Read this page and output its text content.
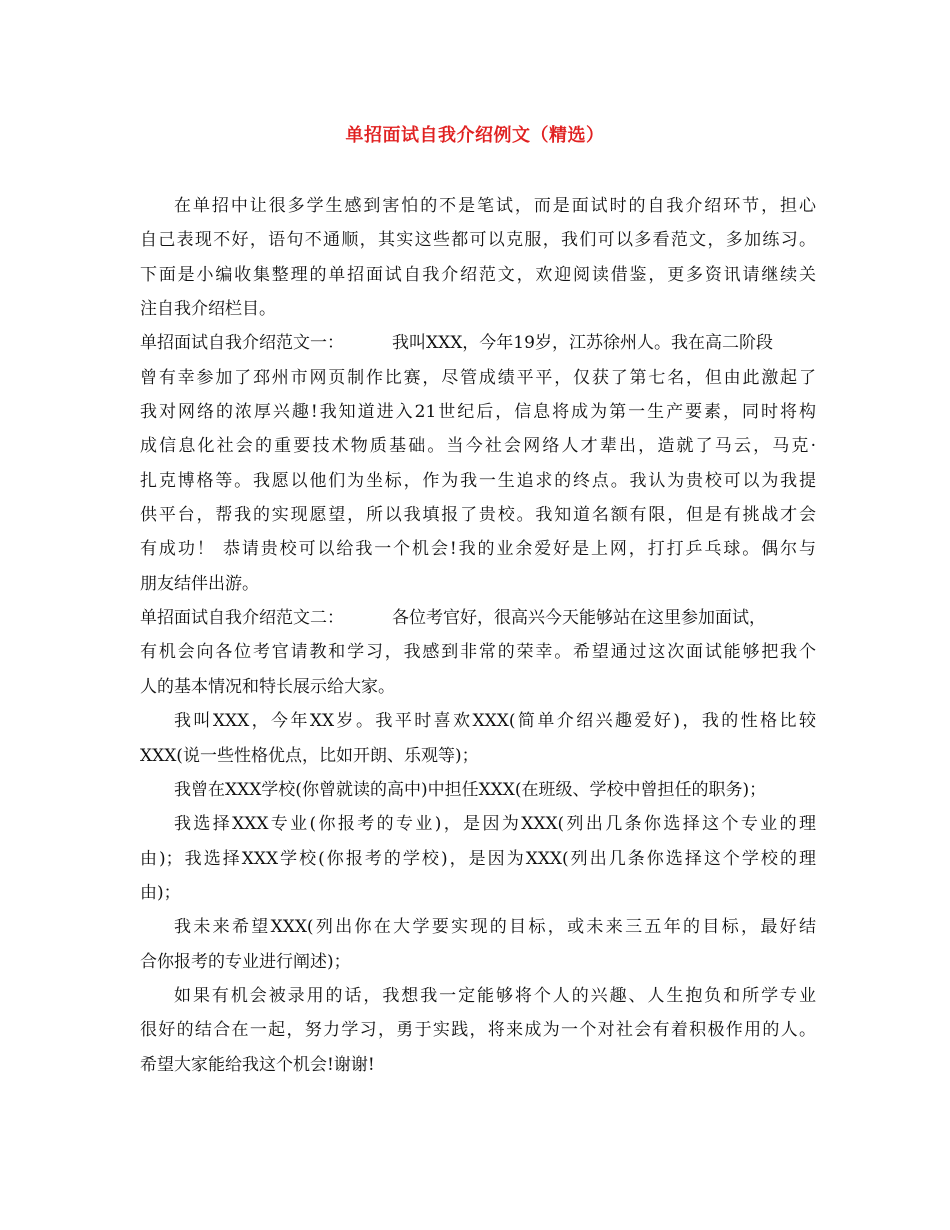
单招面试自我介绍例文（精选）
在单招中让很多学生感到害怕的不是笔试，而是面试时的自我介绍环节，担心
自己表现不好，语句不通顺，其实这些都可以克服，我们可以多看范文，多加练习。
下面是小编收集整理的单招面试自我介绍范文，欢迎阅读借鉴，更多资讯请继续关
注自我介绍栏目。
单招面试自我介绍范文一：	我叫XXX，今年19岁，江苏徐州人。我在高二阶段
曾有幸参加了邳州市网页制作比赛，尽管成绩平平，仅获了第七名，但由此激起了
我对网络的浓厚兴趣!我知道进入21世纪后，信息将成为第一生产要素，同时将构
成信息化社会的重要技术物质基础。当今社会网络人才辈出，造就了马云，马克·
扎克博格等。我愿以他们为坐标，作为我一生追求的终点。我认为贵校可以为我提
供平台，帮我的实现愿望，所以我填报了贵校。我知道名额有限，但是有挑战才会
有成功！ 恭请贵校可以给我一个机会!我的业余爱好是上网，打打乒乓球。偶尔与
朋友结伴出游。
单招面试自我介绍范文二：	各位考官好，很高兴今天能够站在这里参加面试，
有机会向各位考官请教和学习，我感到非常的荣幸。希望通过这次面试能够把我个
人的基本情况和特长展示给大家。
我叫XXX，今年XX岁。我平时喜欢XXX(简单介绍兴趣爱好)，我的性格比较
XXX(说一些性格优点，比如开朗、乐观等)；
我曾在XXX学校(你曾就读的高中)中担任XXX(在班级、学校中曾担任的职务)；
我选择XXX专业(你报考的专业)，是因为XXX(列出几条你选择这个专业的理
由)；我选择XXX学校(你报考的学校)，是因为XXX(列出几条你选择这个学校的理
由)；
我未来希望XXX(列出你在大学要实现的目标，或未来三五年的目标，最好结
合你报考的专业进行阐述)；
如果有机会被录用的话，我想我一定能够将个人的兴趣、人生抱负和所学专业
很好的结合在一起，努力学习，勇于实践，将来成为一个对社会有着积极作用的人。
希望大家能给我这个机会!谢谢!
